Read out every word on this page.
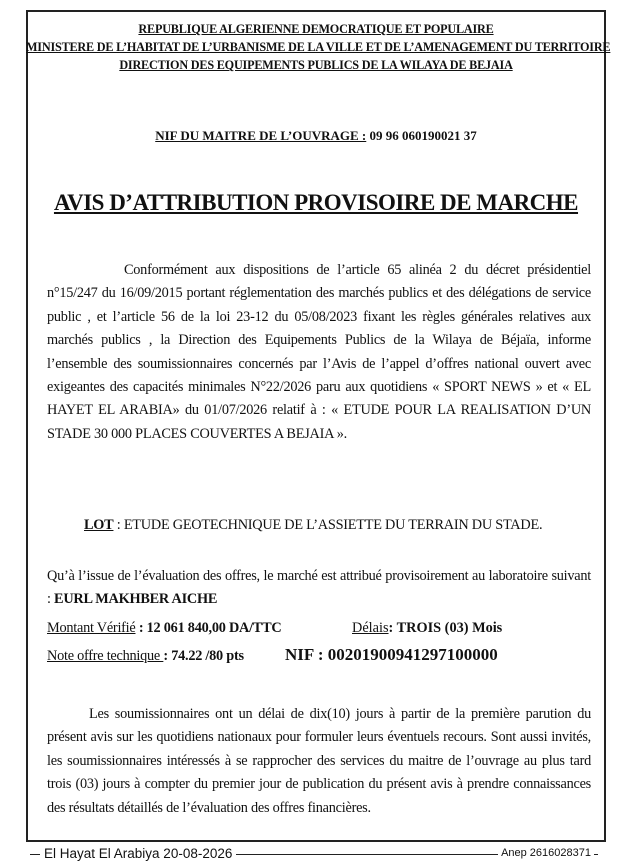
REPUBLIQUE ALGERIENNE DEMOCRATIQUE ET POPULAIRE
MINISTERE DE L’HABITAT DE L’URBANISME DE LA VILLE ET DE L’AMENAGEMENT DU TERRITOIRE
DIRECTION DES EQUIPEMENTS PUBLICS DE LA WILAYA DE BEJAIA
NIF DU MAITRE DE L’OUVRAGE : 09 96 060190021 37
AVIS D’ATTRIBUTION PROVISOIRE DE MARCHE
Conformément aux dispositions de l’article 65 alinéa 2 du décret présidentiel n°15/247 du 16/09/2015 portant réglementation des marchés publics et des délégations de service public , et l’article 56 de la loi 23-12 du 05/08/2023 fixant les règles générales relatives aux marchés publics , la Direction des Equipements Publics de la Wilaya de Béjaïa, informe l’ensemble des soumissionnaires concernés par l’Avis de l’appel d’offres national ouvert avec exigeantes des capacités minimales N°22/2026 paru aux quotidiens « SPORT NEWS » et « EL HAYET EL ARABIA» du 01/07/2026 relatif à : « ETUDE POUR LA REALISATION D’UN STADE 30 000 PLACES COUVERTES A BEJAIA ».
LOT : ETUDE GEOTECHNIQUE DE L’ASSIETTE DU TERRAIN DU STADE.
Qu’à l’issue de l’évaluation des offres, le marché est attribué provisoirement au laboratoire suivant : EURL MAKHBER AICHE
Montant Vérifié : 12 061 840,00 DA/TTC	Délais: TROIS (03) Mois
Note offre technique : 74.22 /80 pts NIF : 00201900941297100000
Les soumissionnaires ont un délai de dix(10) jours à partir de la première parution du présent avis sur les quotidiens nationaux pour formuler leurs éventuels recours. Sont aussi invités, les soumissionnaires intéressés à se rapprocher des services du maitre de l’ouvrage au plus tard trois (03) jours à compter du premier jour de publication du présent avis à prendre connaissances des résultats détaillés de l’évaluation des offres financières.
El Hayat El Arabiya 20-08-2026	Anep 2616028371
